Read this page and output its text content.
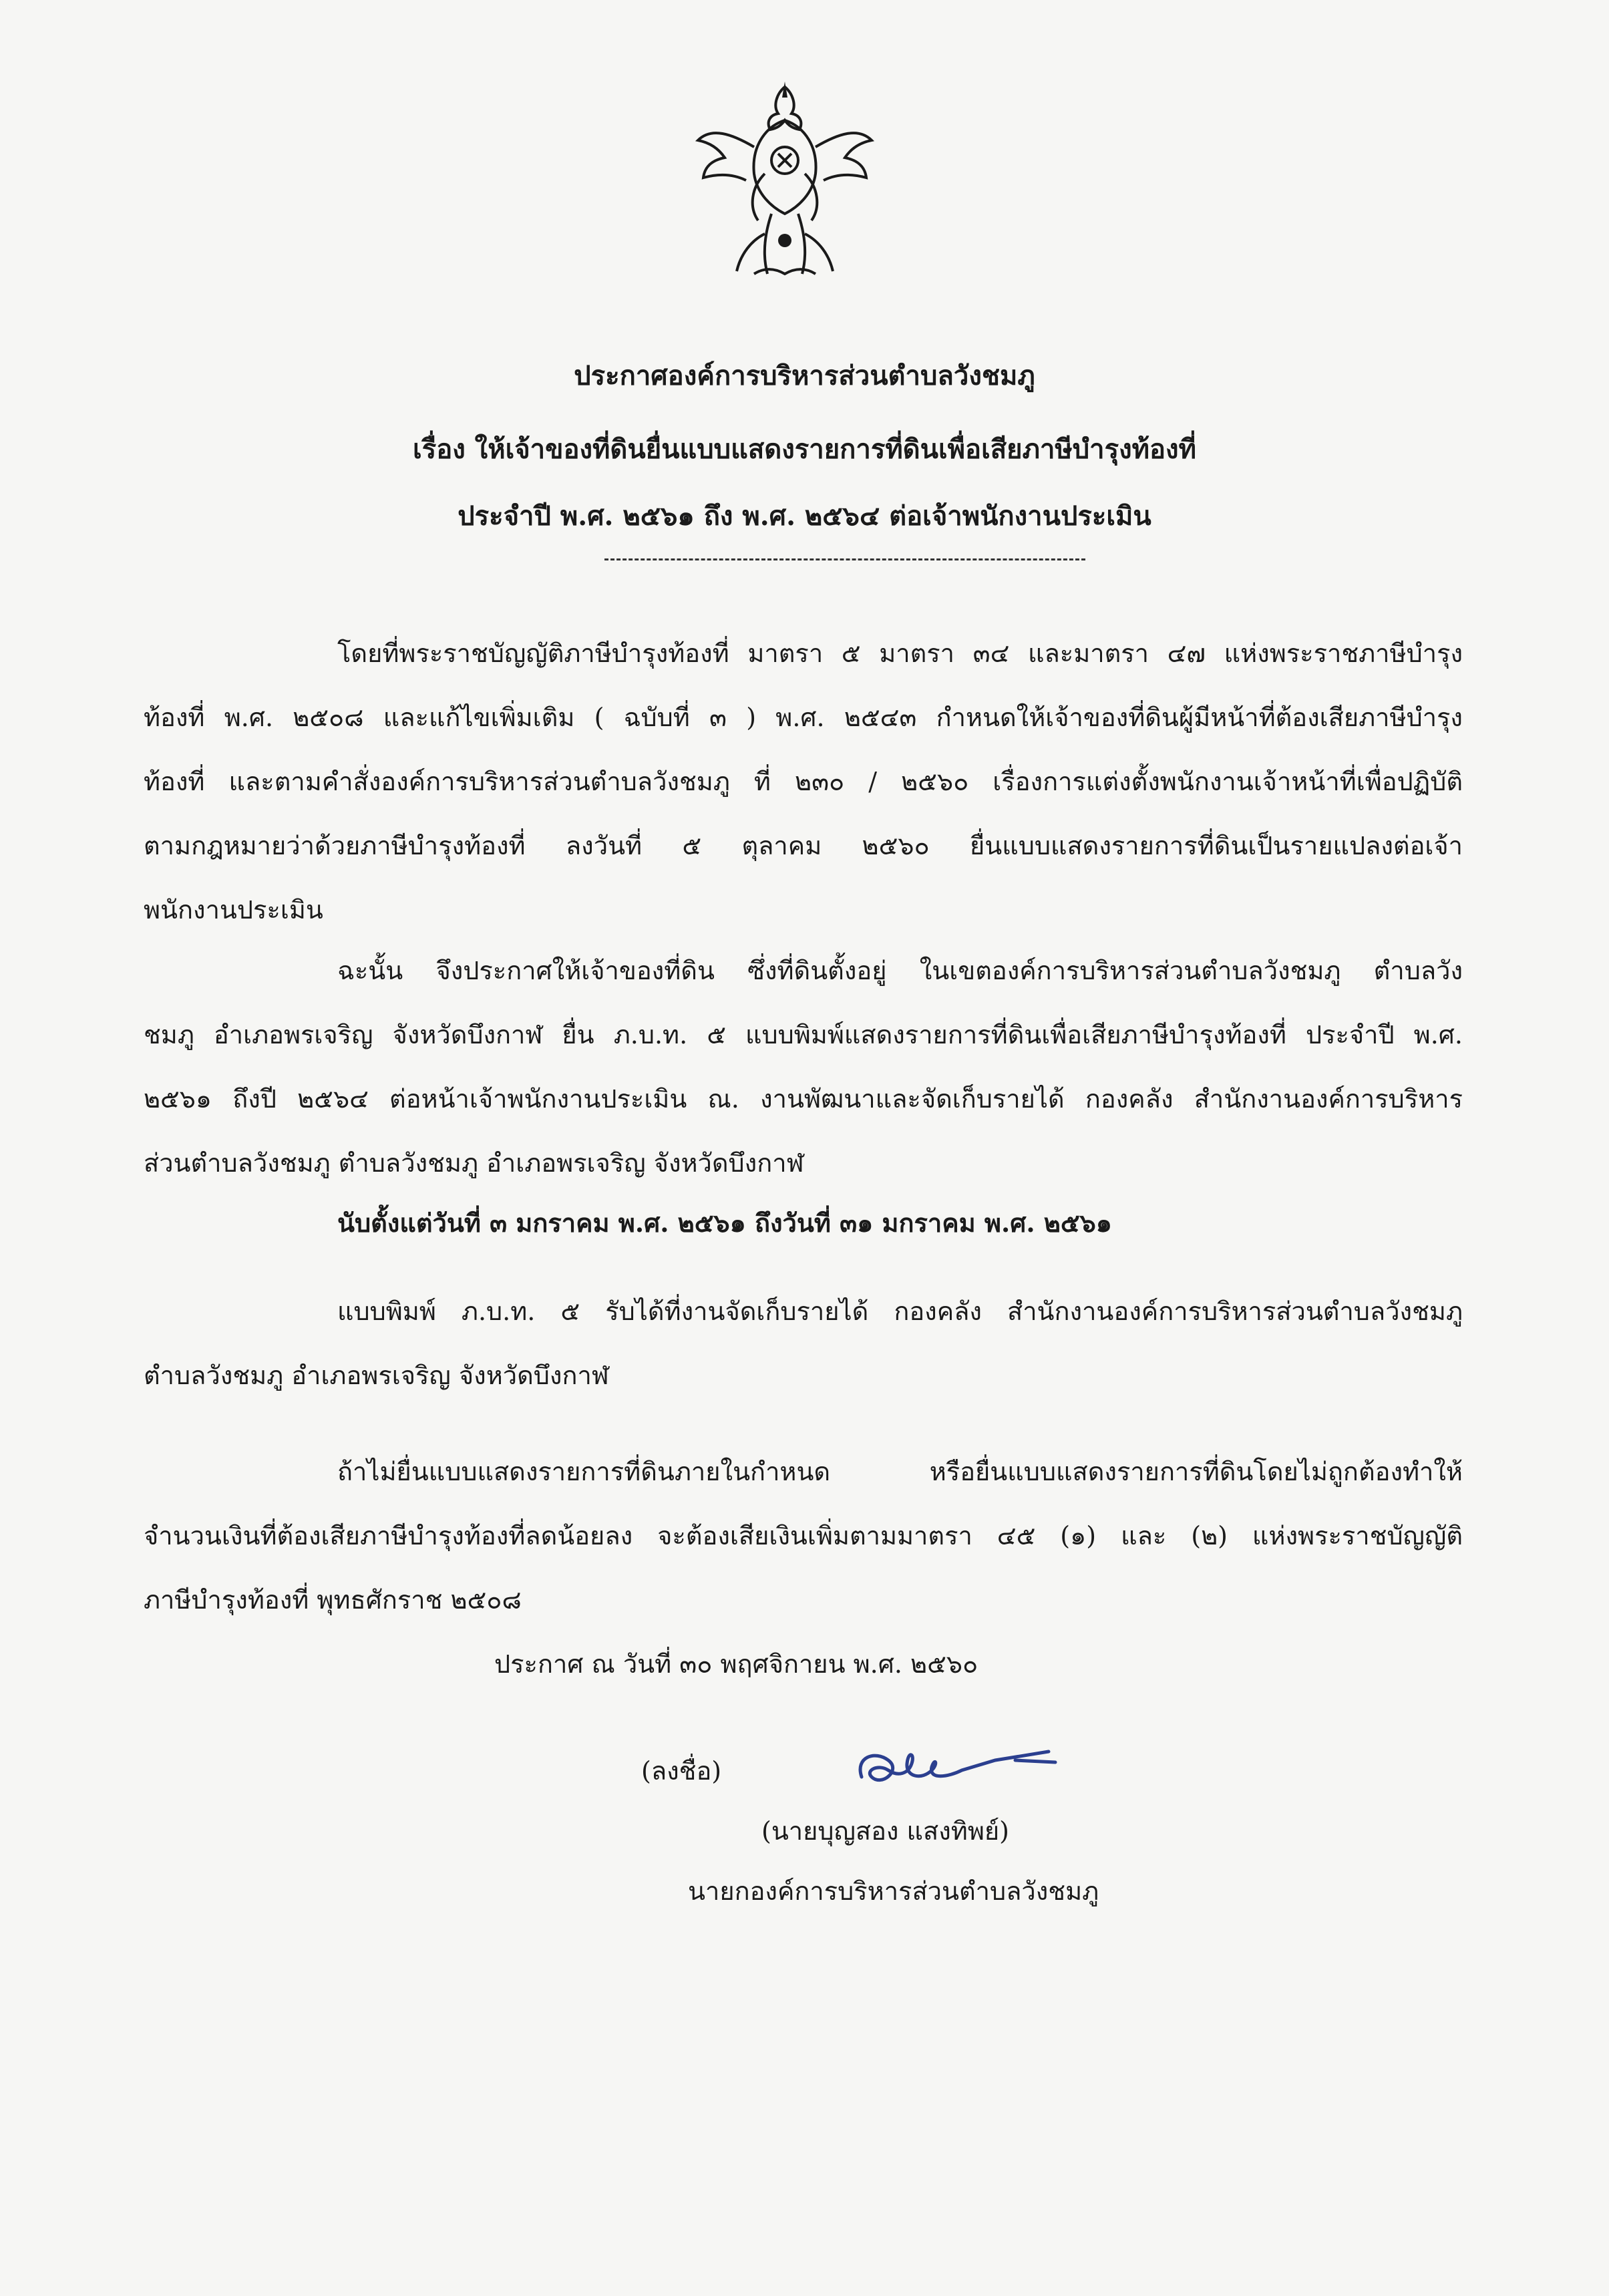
ประกาศองค์การบริหารส่วนตำบลวังชมภู
เรื่อง ให้เจ้าของที่ดินยื่นแบบแสดงรายการที่ดินเพื่อเสียภาษีบำรุงท้องที่
ประจำปี พ.ศ. ๒๕๖๑ ถึง พ.ศ. ๒๕๖๔ ต่อเจ้าพนักงานประเมิน
โดยที่พระราชบัญญัติภาษีบำรุงท้องที่ มาตรา ๕ มาตรา ๓๔ และมาตรา ๔๗ แห่งพระราชภาษีบำรุง
ท้องที่ พ.ศ. ๒๕๐๘ และแก้ไขเพิ่มเติม ( ฉบับที่ ๓ ) พ.ศ. ๒๕๔๓ กำหนดให้เจ้าของที่ดินผู้มีหน้าที่ต้องเสียภาษีบำรุง
ท้องที่ และตามคำสั่งองค์การบริหารส่วนตำบลวังชมภู ที่ ๒๓๐ / ๒๕๖๐ เรื่องการแต่งตั้งพนักงานเจ้าหน้าที่เพื่อปฏิบัติ
ตามกฎหมายว่าด้วยภาษีบำรุงท้องที่ ลงวันที่ ๕ ตุลาคม ๒๕๖๐ ยื่นแบบแสดงรายการที่ดินเป็นรายแปลงต่อเจ้า
พนักงานประเมิน
ฉะนั้น จึงประกาศให้เจ้าของที่ดิน ซึ่งที่ดินตั้งอยู่ ในเขตองค์การบริหารส่วนตำบลวังชมภู ตำบลวัง
ชมภู อำเภอพรเจริญ จังหวัดบึงกาฬ ยื่น ภ.บ.ท. ๕ แบบพิมพ์แสดงรายการที่ดินเพื่อเสียภาษีบำรุงท้องที่ ประจำปี พ.ศ.
๒๕๖๑ ถึงปี ๒๕๖๔ ต่อหน้าเจ้าพนักงานประเมิน ณ. งานพัฒนาและจัดเก็บรายได้ กองคลัง สำนักงานองค์การบริหาร
ส่วนตำบลวังชมภู ตำบลวังชมภู อำเภอพรเจริญ จังหวัดบึงกาฬ
นับตั้งแต่วันที่ ๓ มกราคม พ.ศ. ๒๕๖๑ ถึงวันที่ ๓๑ มกราคม พ.ศ. ๒๕๖๑
แบบพิมพ์ ภ.บ.ท. ๕ รับได้ที่งานจัดเก็บรายได้ กองคลัง สำนักงานองค์การบริหารส่วนตำบลวังชมภู
ตำบลวังชมภู อำเภอพรเจริญ จังหวัดบึงกาฬ
ถ้าไม่ยื่นแบบแสดงรายการที่ดินภายในกำหนด หรือยื่นแบบแสดงรายการที่ดินโดยไม่ถูกต้องทำให้
จำนวนเงินที่ต้องเสียภาษีบำรุงท้องที่ลดน้อยลง จะต้องเสียเงินเพิ่มตามมาตรา ๔๕ (๑) และ (๒) แห่งพระราชบัญญัติ
ภาษีบำรุงท้องที่ พุทธศักราช ๒๕๐๘
ประกาศ ณ วันที่ ๓๐ พฤศจิกายน พ.ศ. ๒๕๖๐
(ลงชื่อ)
(นายบุญสอง แสงทิพย์)
นายกองค์การบริหารส่วนตำบลวังชมภู
